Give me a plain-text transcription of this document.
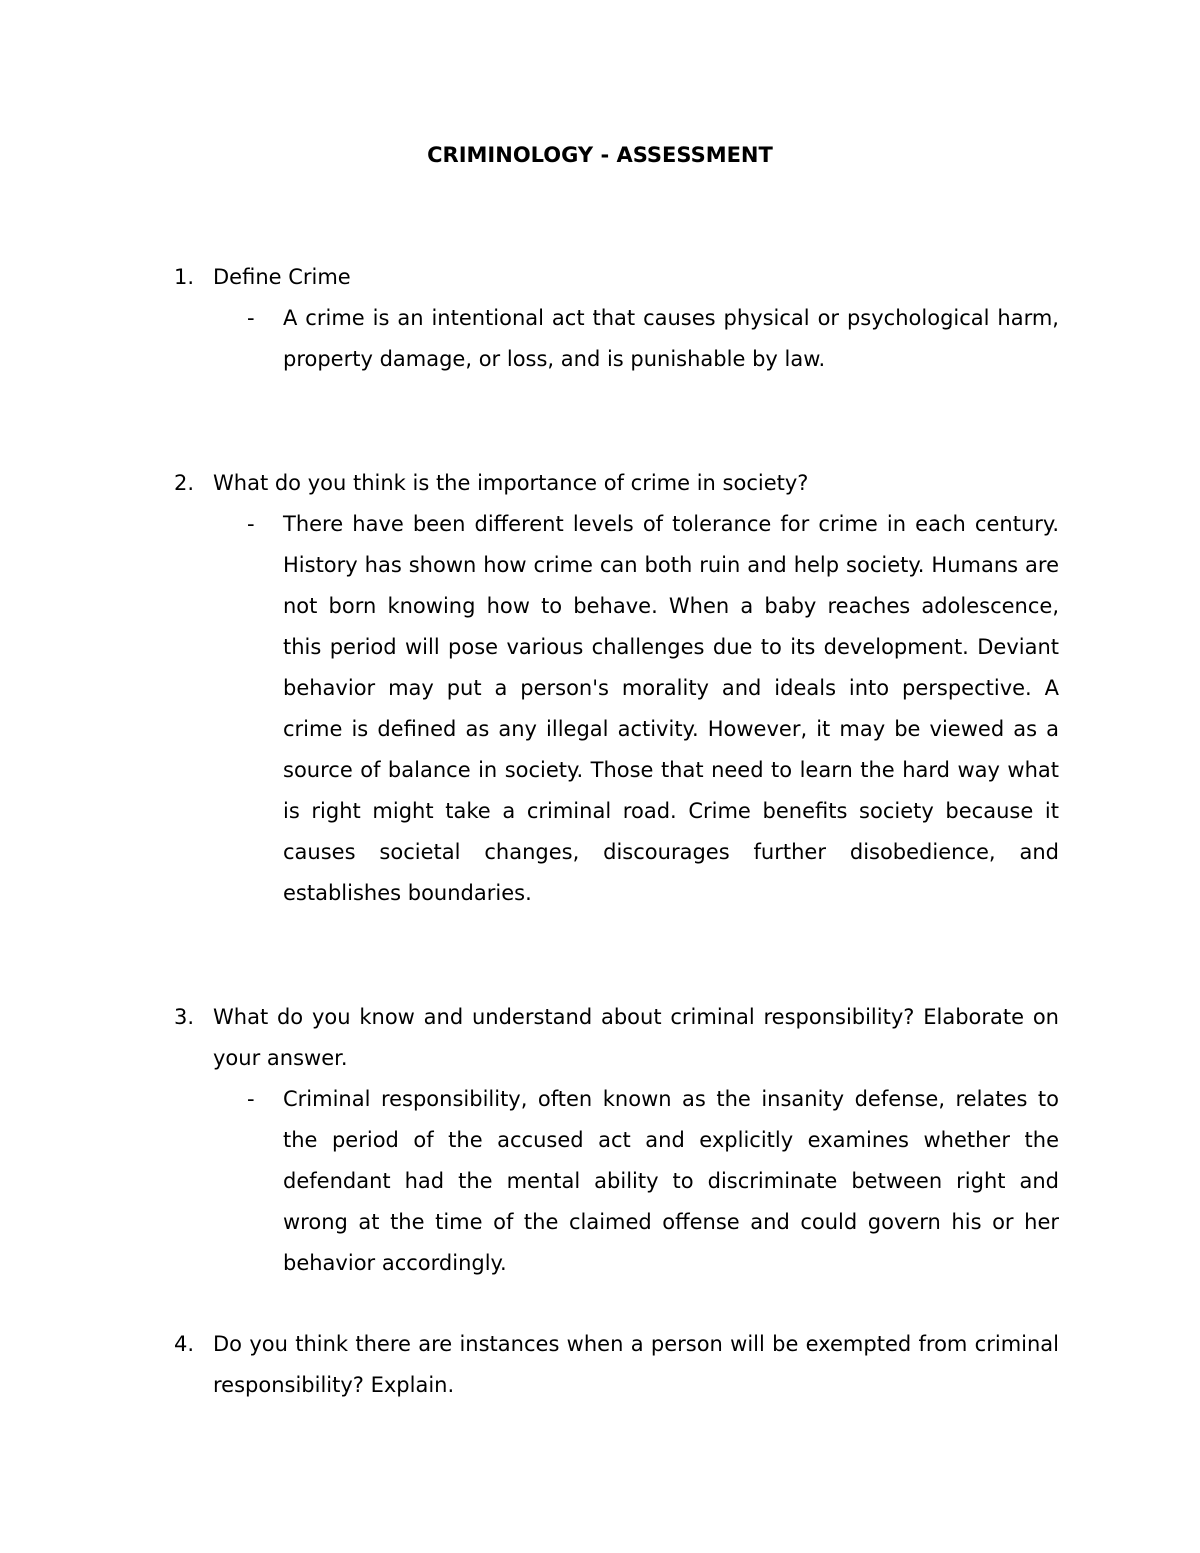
CRIMINOLOGY - ASSESSMENT
1. Define Crime
- A crime is an intentional act that causes physical or psychological harm, property damage, or loss, and is punishable by law.
2. What do you think is the importance of crime in society?
- There have been different levels of tolerance for crime in each century. History has shown how crime can both ruin and help society. Humans are not born knowing how to behave. When a baby reaches adolescence, this period will pose various challenges due to its development. Deviant behavior may put a person's morality and ideals into perspective. A crime is defined as any illegal activity. However, it may be viewed as a source of balance in society. Those that need to learn the hard way what is right might take a criminal road. Crime benefits society because it causes societal changes, discourages further disobedience, and establishes boundaries.
3. What do you know and understand about criminal responsibility? Elaborate on your answer.
- Criminal responsibility, often known as the insanity defense, relates to the period of the accused act and explicitly examines whether the defendant had the mental ability to discriminate between right and wrong at the time of the claimed offense and could govern his or her behavior accordingly.
4. Do you think there are instances when a person will be exempted from criminal responsibility? Explain.
